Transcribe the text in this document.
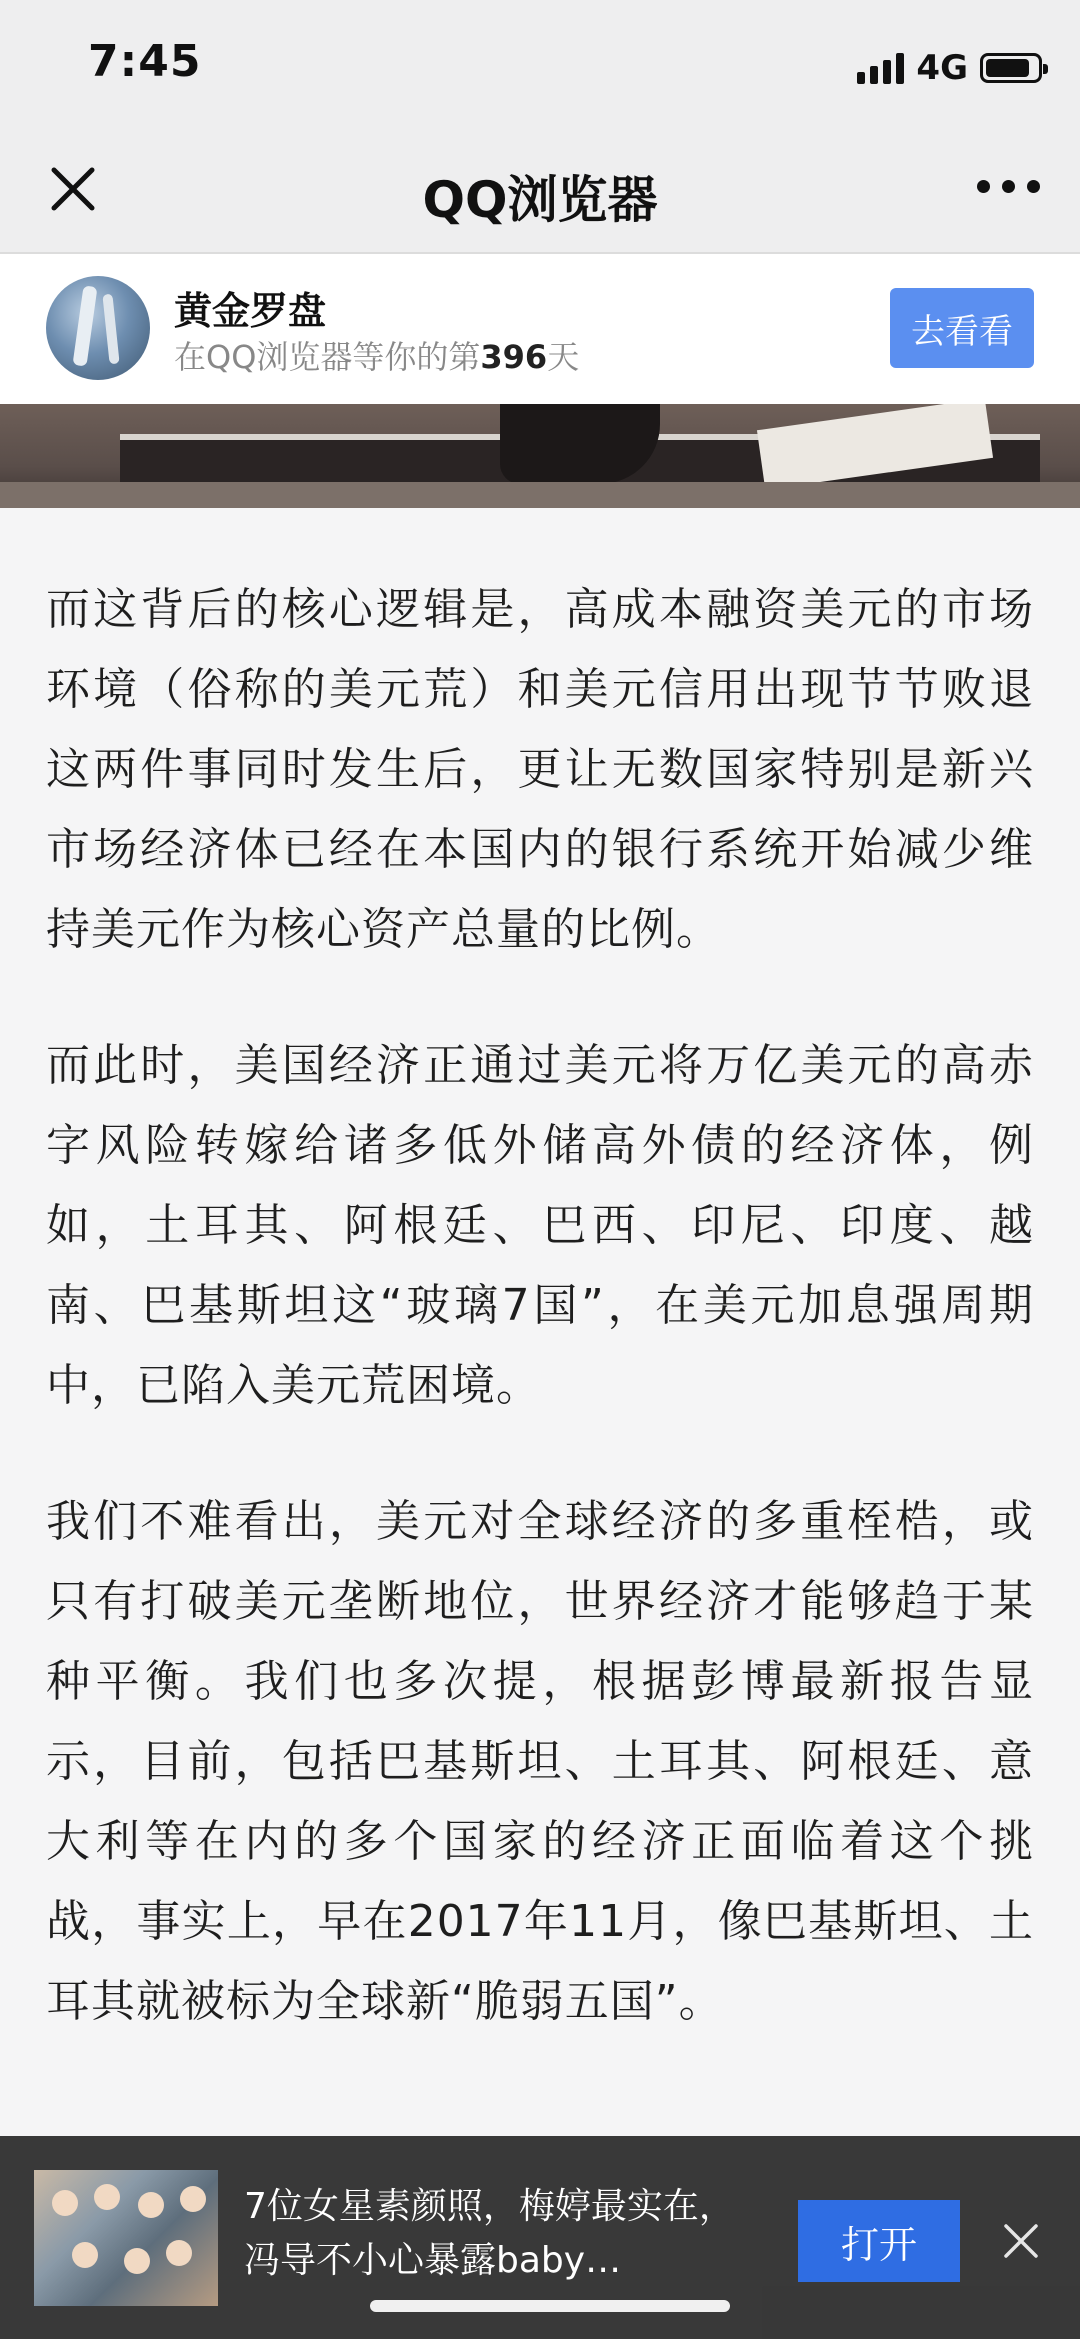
7:45	4G
QQ浏览器
黄金罗盘
在QQ浏览器等你的第396天
去看看

而这背后的核心逻辑是，高成本融资美元的市场环境（俗称的美元荒）和美元信用出现节节败退这两件事同时发生后，更让无数国家特别是新兴市场经济体已经在本国内的银行系统开始减少维持美元作为核心资产总量的比例。

而此时，美国经济正通过美元将万亿美元的高赤字风险转嫁给诸多低外储高外债的经济体，例如，土耳其、阿根廷、巴西、印尼、印度、越南、巴基斯坦这“玻璃7国”，在美元加息强周期中，已陷入美元荒困境。

我们不难看出，美元对全球经济的多重桎梏，或只有打破美元垄断地位，世界经济才能够趋于某种平衡。我们也多次提，根据彭博最新报告显示，目前，包括巴基斯坦、土耳其、阿根廷、意大利等在内的多个国家的经济正面临着这个挑战，事实上，早在2017年11月，像巴基斯坦、土耳其就被标为全球新“脆弱五国”。

7位女星素颜照，梅婷最实在，冯导不小心暴露baby…	打开
